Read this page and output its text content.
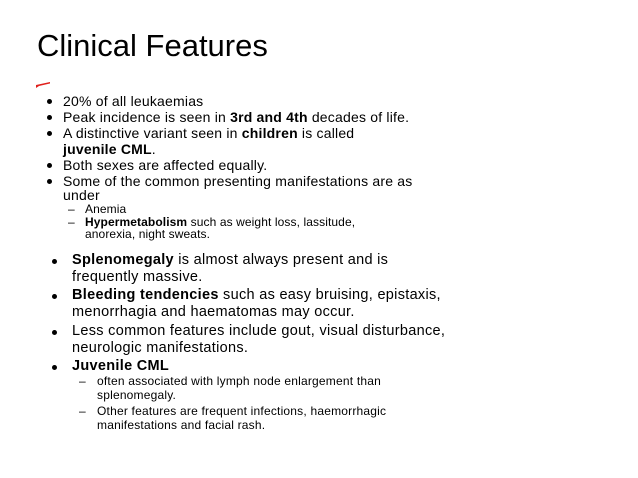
Clinical Features
20% of all leukaemias
Peak incidence is seen in 3rd and 4th decades of life.
A distinctive variant seen in children is called
juvenile CML.
Both sexes are affected equally.
Some of the common presenting manifestations are as
under
– Anemia
– Hypermetabolism such as weight loss, lassitude,
anorexia, night sweats.
Splenomegaly is almost always present and is
frequently massive.
Bleeding tendencies such as easy bruising, epistaxis,
menorrhagia and haematomas may occur.
Less common features include gout, visual disturbance,
neurologic manifestations.
Juvenile CML
– often associated with lymph node enlargement than
splenomegaly.
– Other features are frequent infections, haemorrhagic
manifestations and facial rash.
